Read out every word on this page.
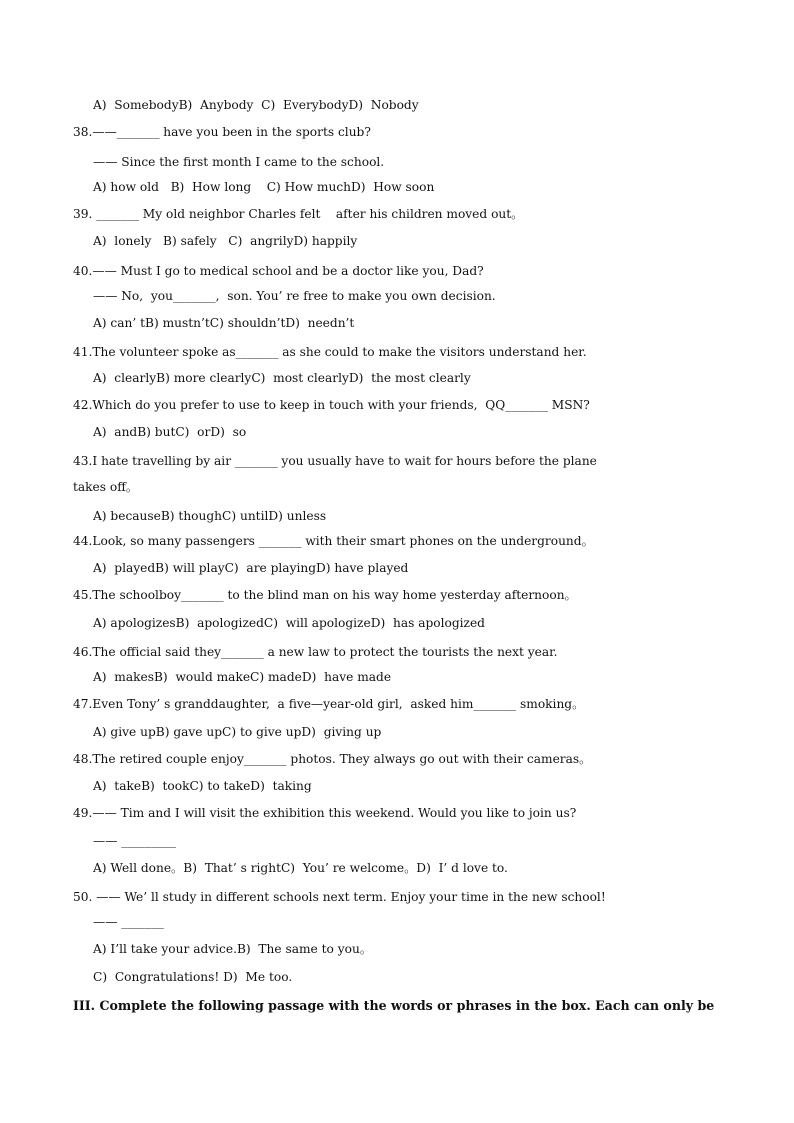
A)  SomebodyB)  Anybody  C)  EverybodyD)  Nobody
38.——_______ have you been in the sports club?
—— Since the first month I came to the school.
A) how old   B)  How long    C) How muchD)  How soon
39. _______ My old neighbor Charles felt    after his children moved out。
A)  lonely   B) safely   C)  angrilyD) happily
40.—— Must I go to medical school and be a doctor like you, Dad?
—— No,  you_______,  son. You’ re free to make you own decision.
A) can’ tB) mustn’tC) shouldn’tD)  needn’t
41.The volunteer spoke as_______ as she could to make the visitors understand her.
A)  clearlyB) more clearlyC)  most clearlyD)  the most clearly
42.Which do you prefer to use to keep in touch with your friends,  QQ_______ MSN?
A)  andB) butC)  orD)  so
43.I hate travelling by air _______ you usually have to wait for hours before the plane
takes off。
A) becauseB) thoughC) untilD) unless
44.Look, so many passengers _______ with their smart phones on the underground。
A)  playedB) will playC)  are playingD) have played
45.The schoolboy_______ to the blind man on his way home yesterday afternoon。
A) apologizesB)  apologizedC)  will apologizeD)  has apologized
46.The official said they_______ a new law to protect the tourists the next year.
A)  makesB)  would makeC) madeD)  have made
47.Even Tony’ s granddaughter,  a five—year-old girl,  asked him_______ smoking。
A) give upB) gave upC) to give upD)  giving up
48.The retired couple enjoy_______ photos. They always go out with their cameras。
A)  takeB)  tookC) to takeD)  taking
49.—— Tim and I will visit the exhibition this weekend. Would you like to join us?
—— _________
A) Well done。B)  That’ s rightC)  You’ re welcome。D)  I’ d love to.
50. —— We’ ll study in different schools next term. Enjoy your time in the new school!
—— _______
A) I’ll take your advice.B)  The same to you。
C)  Congratulations! D)  Me too.
III. Complete the following passage with the words or phrases in the box. Each can only be
